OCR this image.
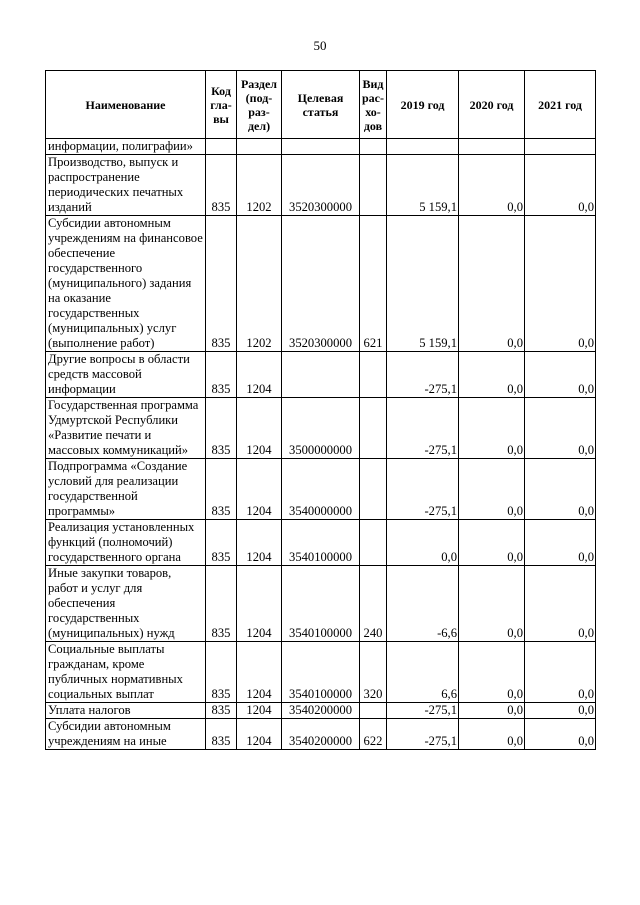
50
Наименование	Код гла-вы	Раздел (под-раз-дел)	Целевая статья	Вид рас-хо-дов	2019 год	2020 год	2021 год
информации, полиграфии»							
Производство, выпуск и распространение периодических печатных изданий	835	1202	3520300000		5 159,1	0,0	0,0
Субсидии автономным учреждениям на финансовое обеспечение государственного (муниципального) задания на оказание государственных (муниципальных) услуг (выполнение работ)	835	1202	3520300000	621	5 159,1	0,0	0,0
Другие вопросы в области средств массовой информации	835	1204			-275,1	0,0	0,0
Государственная программа Удмуртской Республики «Развитие печати и массовых коммуникаций»	835	1204	3500000000		-275,1	0,0	0,0
Подпрограмма «Создание условий для реализации государственной программы»	835	1204	3540000000		-275,1	0,0	0,0
Реализация установленных функций (полномочий) государственного органа	835	1204	3540100000		0,0	0,0	0,0
Иные закупки товаров, работ и услуг для обеспечения государственных (муниципальных) нужд	835	1204	3540100000	240	-6,6	0,0	0,0
Социальные выплаты гражданам, кроме публичных нормативных социальных выплат	835	1204	3540100000	320	6,6	0,0	0,0
Уплата налогов	835	1204	3540200000		-275,1	0,0	0,0
Субсидии автономным учреждениям на иные	835	1204	3540200000	622	-275,1	0,0	0,0
